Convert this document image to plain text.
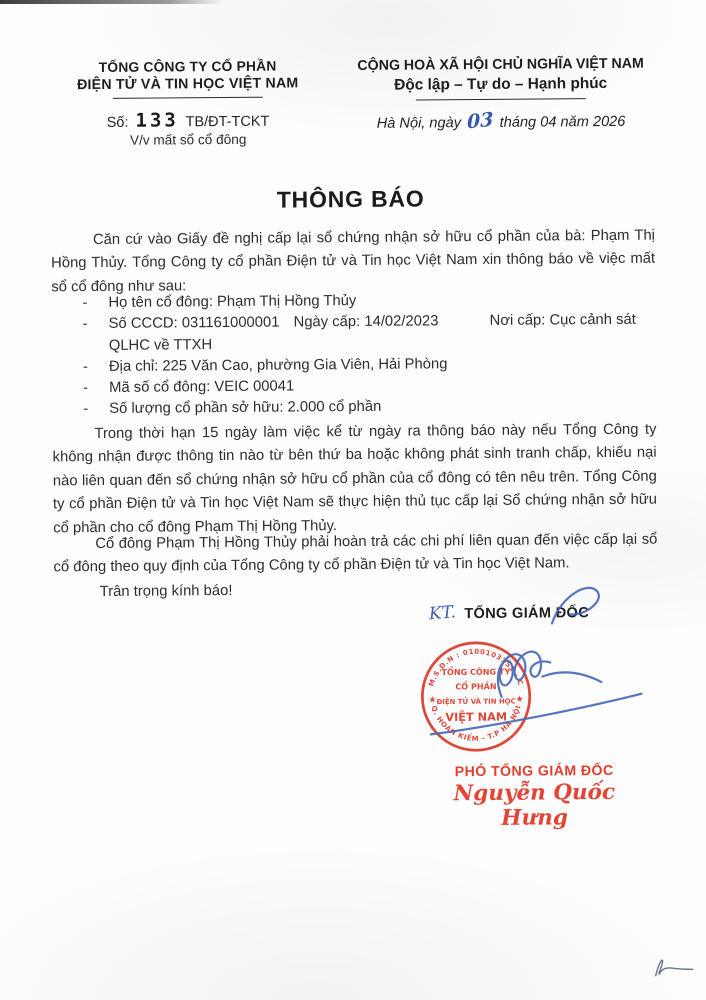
TỔNG CÔNG TY CỔ PHẦN
ĐIỆN TỬ VÀ TIN HỌC VIỆT NAM
Số: 133 TB/ĐT-TCKT
V/v mất sổ cổ đông
CỘNG HOÀ XÃ HỘI CHỦ NGHĨA VIỆT NAM
Độc lập – Tự do – Hạnh phúc
Hà Nội, ngày 03 tháng 04 năm 2026
THÔNG BÁO
Căn cứ vào Giấy đề nghị cấp lại sổ chứng nhận sở hữu cổ phần của bà: Phạm Thị Hồng Thủy. Tổng Công ty cổ phần Điện tử và Tin học Việt Nam xin thông báo về việc mất sổ cổ đông như sau:
-	Họ tên cổ đông: Phạm Thị Hồng Thủy
-	Số CCCD: 031161000001 Ngày cấp: 14/02/2023	Nơi cấp: Cục cảnh sát
QLHC về TTXH
-	Địa chỉ: 225 Văn Cao, phường Gia Viên, Hải Phòng
-	Mã số cổ đông: VEIC 00041
-	Số lượng cổ phần sở hữu: 2.000 cổ phần
Trong thời hạn 15 ngày làm việc kể từ ngày ra thông báo này nếu Tổng Công ty không nhận được thông tin nào từ bên thứ ba hoặc không phát sinh tranh chấp, khiếu nại nào liên quan đến sổ chứng nhận sở hữu cổ phần của cổ đông có tên nêu trên. Tổng Công ty cổ phần Điện tử và Tin học Việt Nam sẽ thực hiện thủ tục cấp lại Sổ chứng nhận sở hữu cổ phần cho cổ đông Phạm Thị Hồng Thủy.
Cổ đông Phạm Thị Hồng Thủy phải hoàn trả các chi phí liên quan đến việc cấp lại sổ cổ đông theo quy định của Tổng Công ty cổ phần Điện tử và Tin học Việt Nam.
Trân trọng kính báo!
KT. TỔNG GIÁM ĐỐC
M.S.D.N : 0100103351 - C
Q. HOÀN KIẾM - T.P HÀ NỘI
★	★
TỔNG CÔNG TY
CỔ PHẦN
ĐIỆN TỬ VÀ TIN HỌC
VIỆT NAM
PHÓ TỔNG GIÁM ĐỐC
Nguyễn Quốc Hưng
